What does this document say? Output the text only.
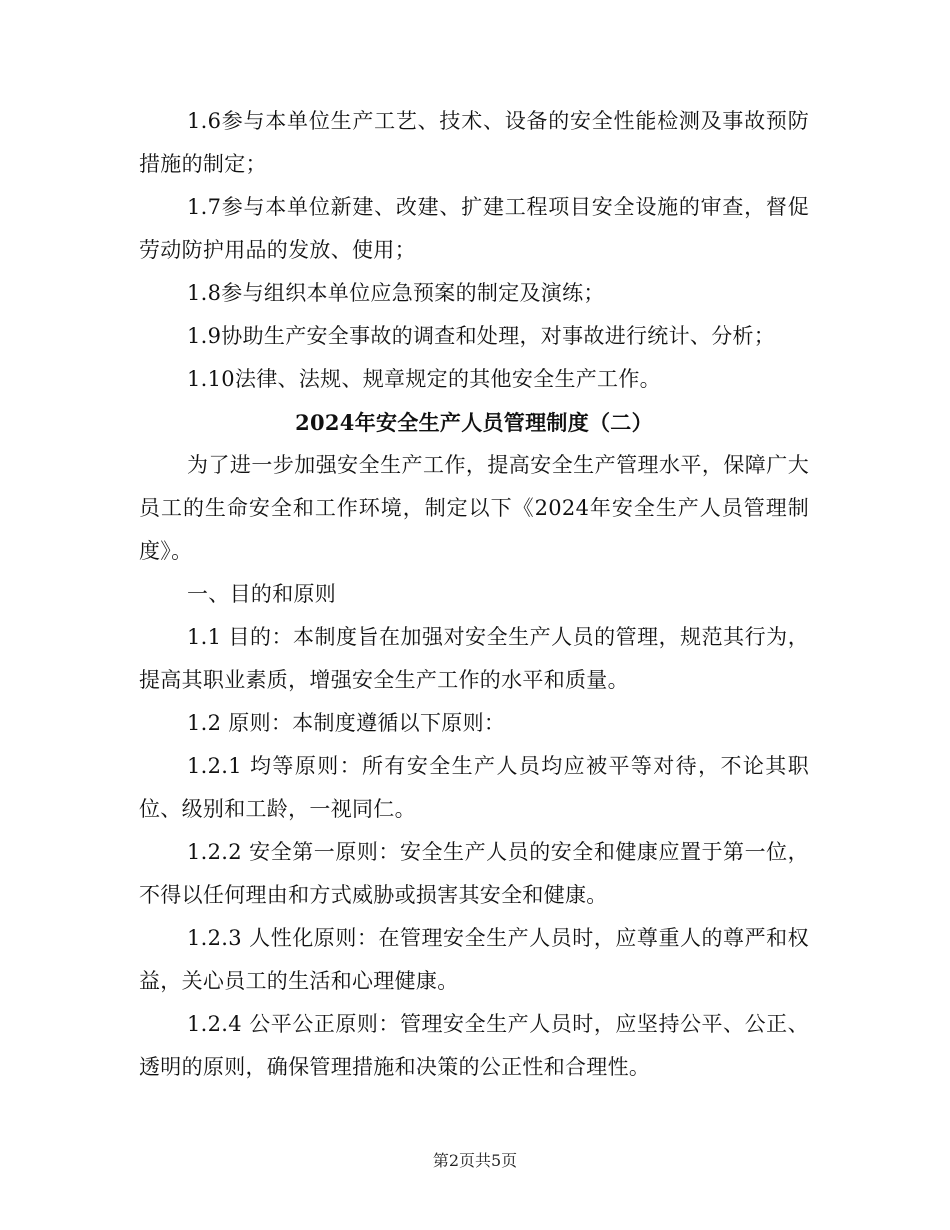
1.6参与本单位生产工艺、技术、设备的安全性能检测及事故预防措施的制定；

1.7参与本单位新建、改建、扩建工程项目安全设施的审查，督促劳动防护用品的发放、使用；

1.8参与组织本单位应急预案的制定及演练；

1.9协助生产安全事故的调查和处理，对事故进行统计、分析；

1.10法律、法规、规章规定的其他安全生产工作。

2024年安全生产人员管理制度（二）

为了进一步加强安全生产工作，提高安全生产管理水平，保障广大员工的生命安全和工作环境，制定以下《2024年安全生产人员管理制度》。

一、目的和原则

1.1 目的：本制度旨在加强对安全生产人员的管理，规范其行为，提高其职业素质，增强安全生产工作的水平和质量。

1.2 原则：本制度遵循以下原则：

1.2.1 均等原则：所有安全生产人员均应被平等对待，不论其职位、级别和工龄，一视同仁。

1.2.2 安全第一原则：安全生产人员的安全和健康应置于第一位，不得以任何理由和方式威胁或损害其安全和健康。

1.2.3 人性化原则：在管理安全生产人员时，应尊重人的尊严和权益，关心员工的生活和心理健康。

1.2.4 公平公正原则：管理安全生产人员时，应坚持公平、公正、透明的原则，确保管理措施和决策的公正性和合理性。

第2页共5页
